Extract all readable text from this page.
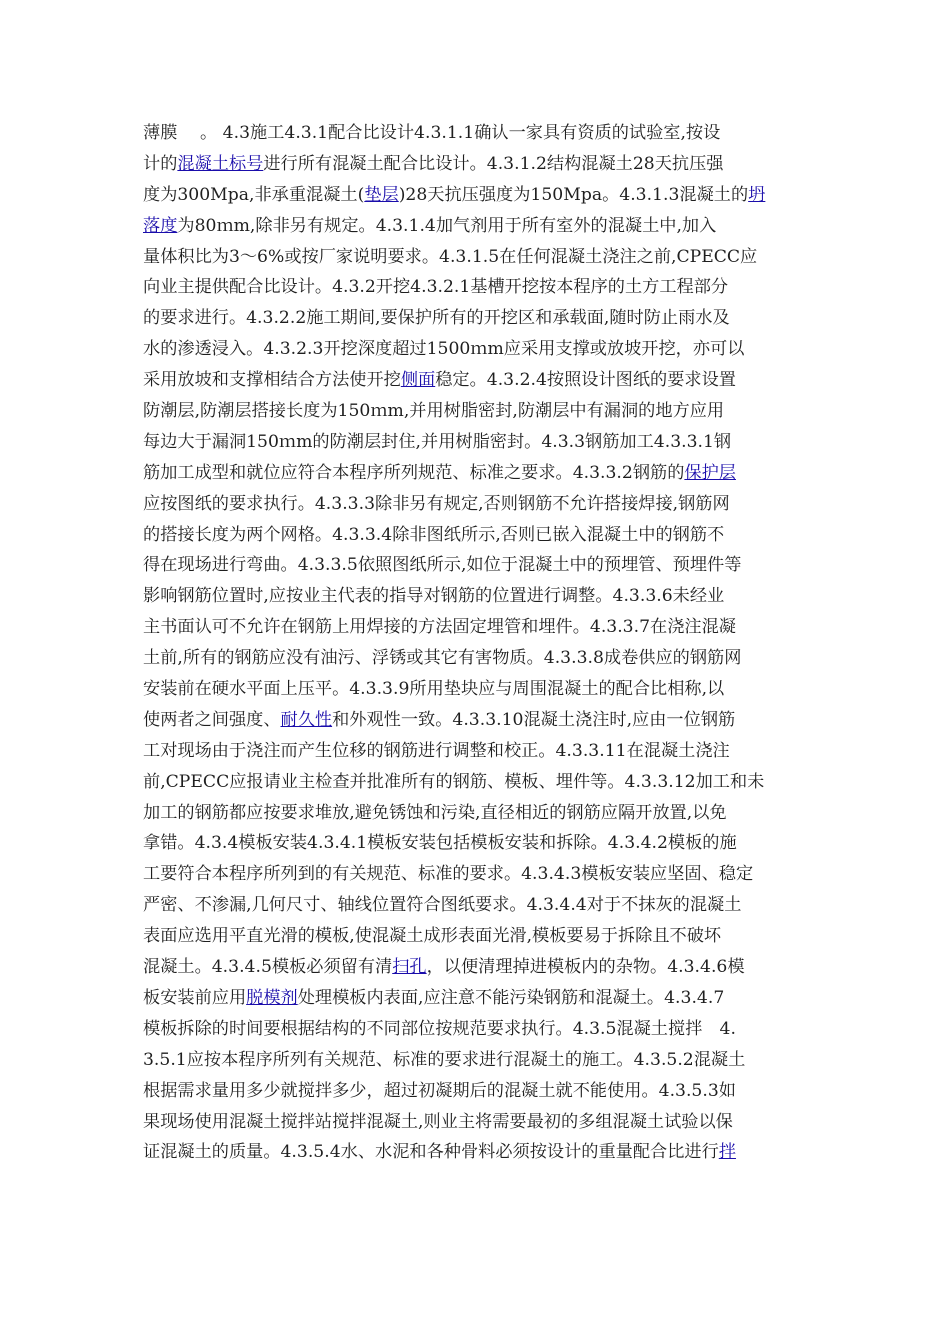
薄膜　 。 4.3施工4.3.1配合比设计4.3.1.1确认一家具有资质的试验室,按设
计的混凝土标号进行所有混凝土配合比设计。4.3.1.2结构混凝土28天抗压强
度为300Mpa,非承重混凝土(垫层)28天抗压强度为150Mpa。4.3.1.3混凝土的坍
落度为80ｍm,除非另有规定。4.3.1.4加气剂用于所有室外的混凝土中,加入
量体积比为3～6%或按厂家说明要求。4.3.1.5在任何混凝土浇注之前,CPECC应
向业主提供配合比设计。4.3.2开挖4.3.2.1基槽开挖按本程序的土方工程部分
的要求进行。4.3.2.2施工期间,要保护所有的开挖区和承载面,随时防止雨水及
水的渗透浸入。4.3.2.3开挖深度超过1500ｍm应采用支撑或放坡开挖，亦可以
采用放坡和支撑相结合方法使开挖侧面稳定。4.3.2.4按照设计图纸的要求设置
防潮层,防潮层搭接长度为150ｍm,并用树脂密封,防潮层中有漏洞的地方应用
每边大于漏洞150ｍm的防潮层封住,并用树脂密封。4.3.3钢筋加工4.3.3.1钢
筋加工成型和就位应符合本程序所列规范、标准之要求。4.3.3.2钢筋的保护层
应按图纸的要求执行。4.3.3.3除非另有规定,否则钢筋不允许搭接焊接,钢筋网
的搭接长度为两个网格。4.3.3.4除非图纸所示,否则已嵌入混凝土中的钢筋不
得在现场进行弯曲。4.3.3.5依照图纸所示,如位于混凝土中的预埋管、预埋件等
影响钢筋位置时,应按业主代表的指导对钢筋的位置进行调整。4.3.3.6未经业
主书面认可不允许在钢筋上用焊接的方法固定埋管和埋件。4.3.3.7在浇注混凝
土前,所有的钢筋应没有油污、浮锈或其它有害物质。4.3.3.8成卷供应的钢筋网
安装前在硬水平面上压平。4.3.3.9所用垫块应与周围混凝土的配合比相称,以
使两者之间强度、耐久性和外观性一致。4.3.3.10混凝土浇注时,应由一位钢筋
工对现场由于浇注而产生位移的钢筋进行调整和校正。4.3.3.11在混凝土浇注
前,CPECC应报请业主检查并批准所有的钢筋、模板、埋件等。4.3.3.12加工和未
加工的钢筋都应按要求堆放,避免锈蚀和污染,直径相近的钢筋应隔开放置,以免
拿错。4.3.4模板安装4.3.4.1模板安装包括模板安装和拆除。4.3.4.2模板的施
工要符合本程序所列到的有关规范、标准的要求。4.3.4.3模板安装应坚固、稳定
严密、不渗漏,几何尺寸、轴线位置符合图纸要求。4.3.4.4对于不抹灰的混凝土
表面应选用平直光滑的模板,使混凝土成形表面光滑,模板要易于拆除且不破坏
混凝土。4.3.4.5模板必须留有清扫孔，以便清理掉进模板内的杂物。4.3.4.6模
板安装前应用脱模剂处理模板内表面,应注意不能污染钢筋和混凝土。4.3.4.7
模板拆除的时间要根据结构的不同部位按规范要求执行。4.3.5混凝土搅拌　4.
3.5.1应按本程序所列有关规范、标准的要求进行混凝土的施工。4.3.5.2混凝土
根据需求量用多少就搅拌多少，超过初凝期后的混凝土就不能使用。4.3.5.3如
果现场使用混凝土搅拌站搅拌混凝土,则业主将需要最初的多组混凝土试验以保
证混凝土的质量。4.3.5.4水、水泥和各种骨料必须按设计的重量配合比进行拌
